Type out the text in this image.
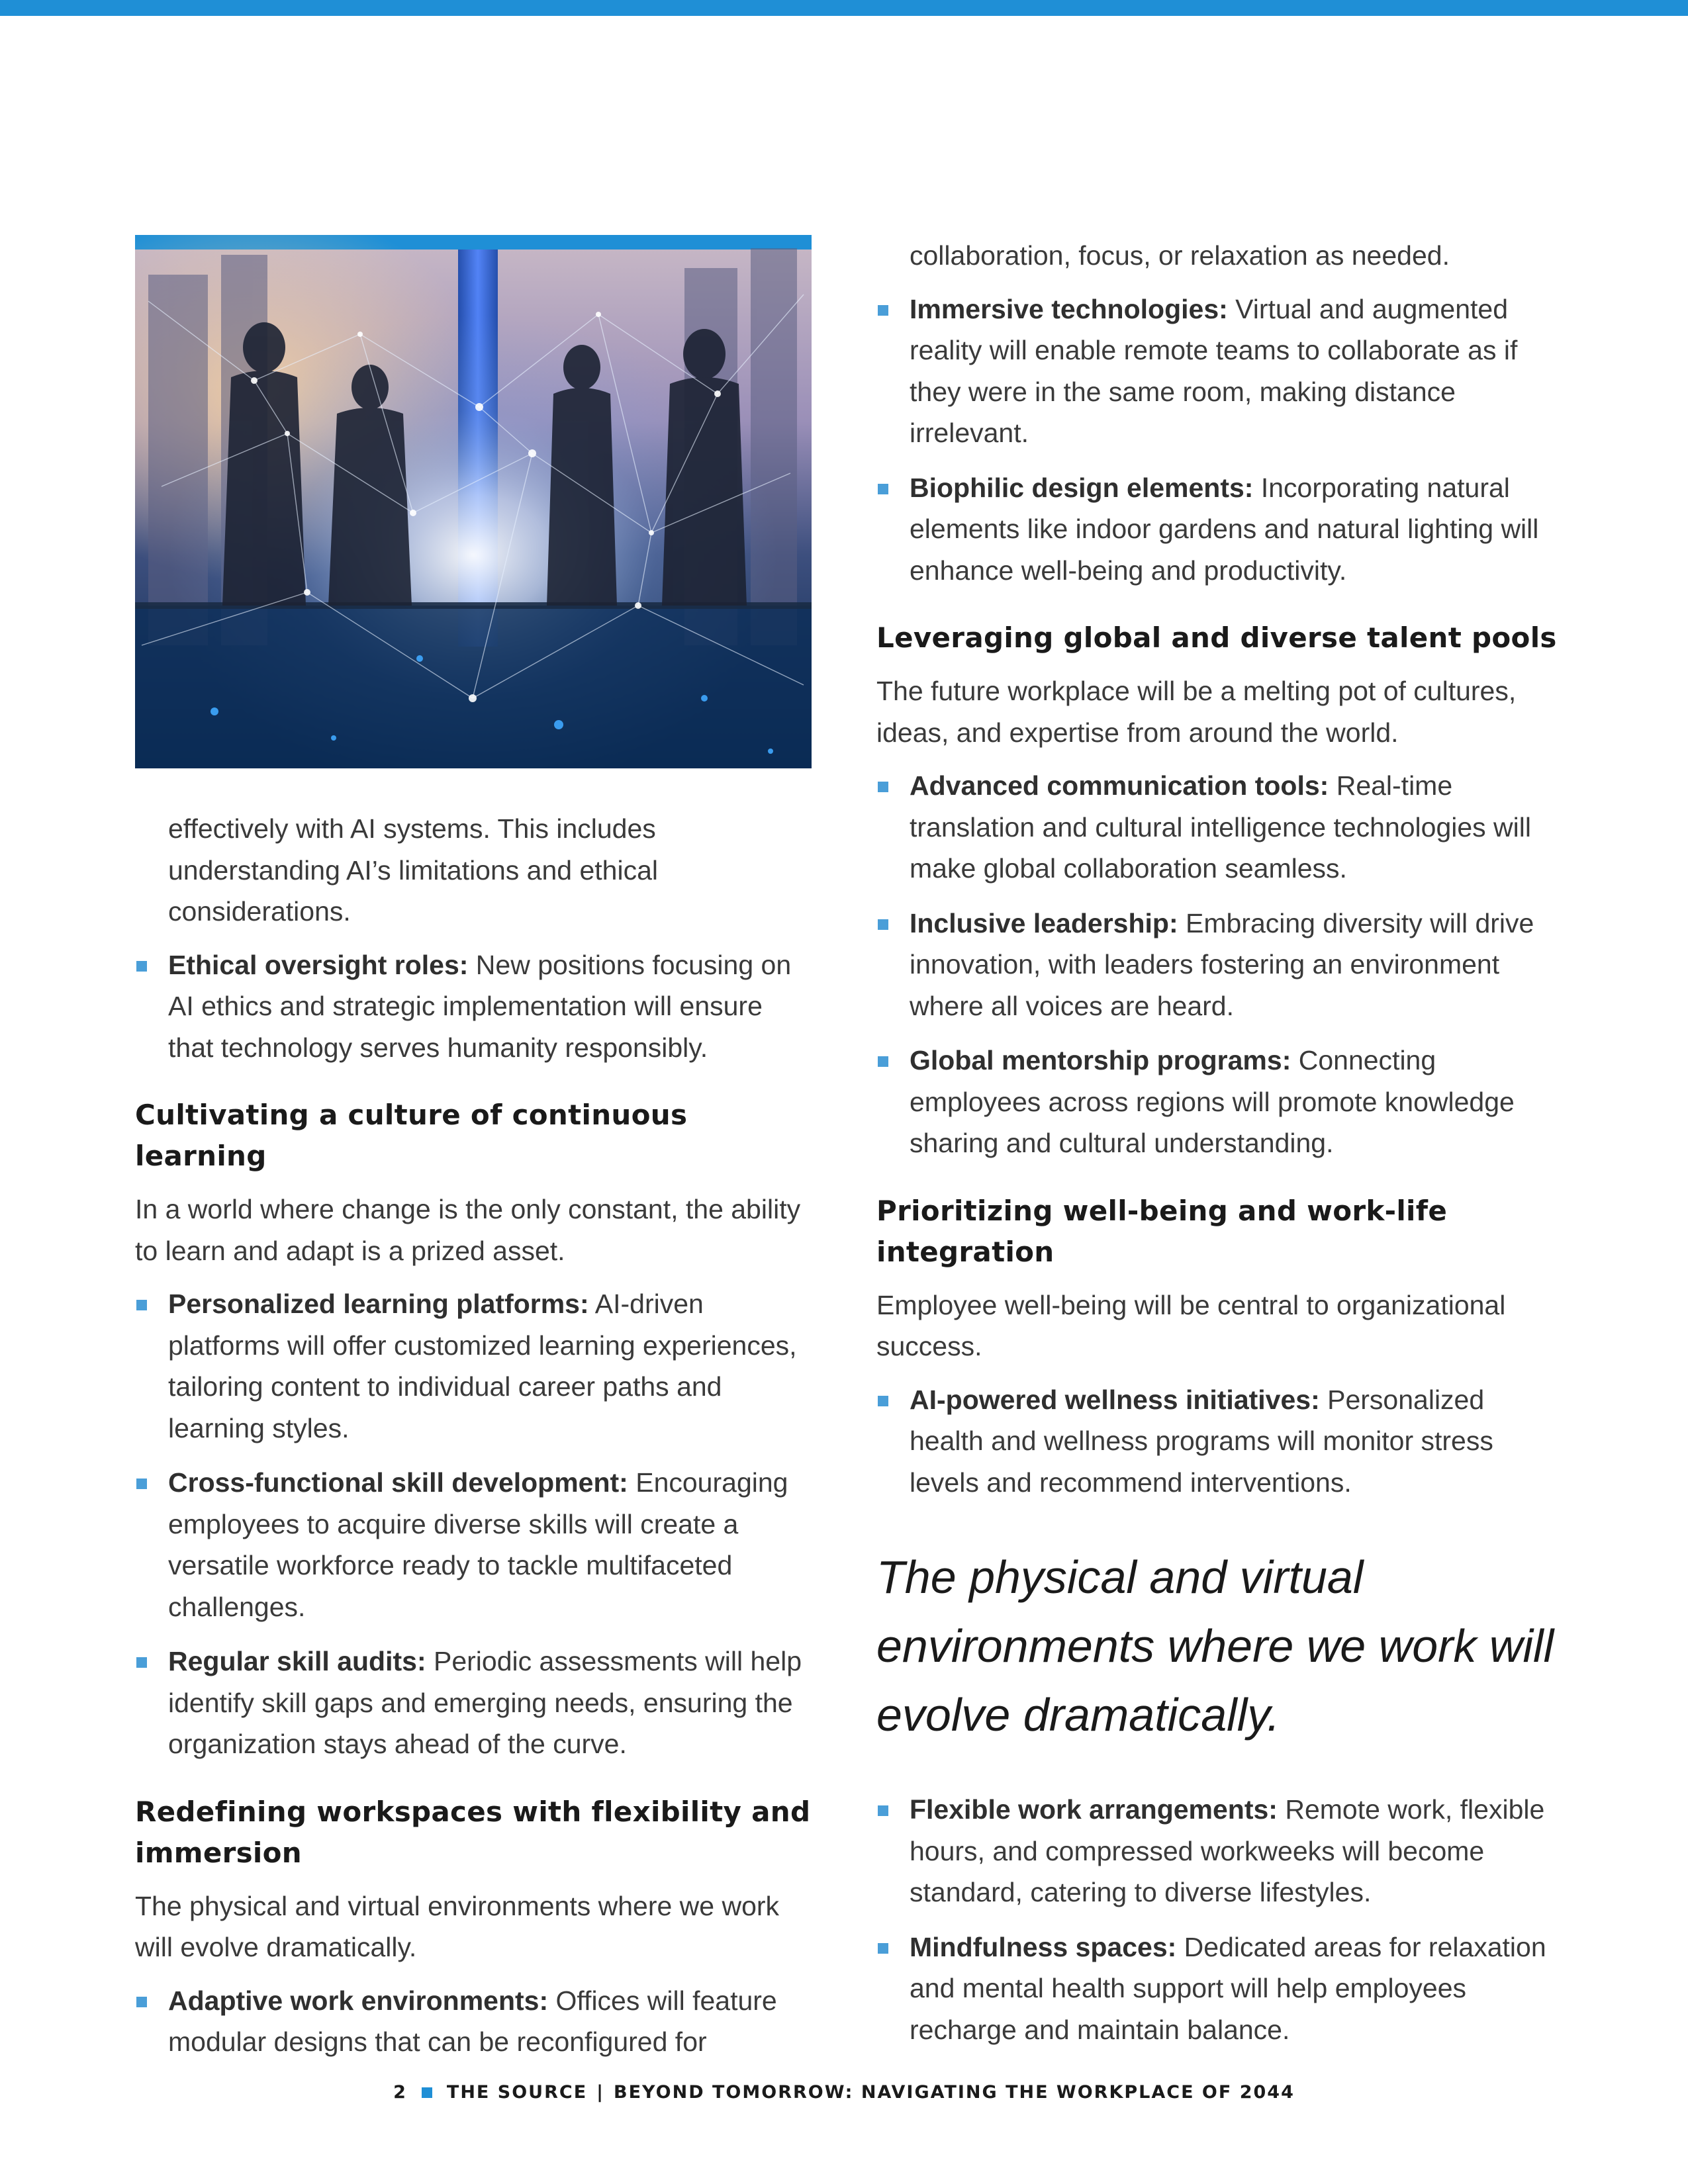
effectively with AI systems. This includes understanding AI’s limitations and ethical considerations.

Ethical oversight roles: New positions focusing on AI ethics and strategic implementation will ensure that technology serves humanity responsibly.
Cultivating a culture of continuous learning

In a world where change is the only constant, the ability to learn and adapt is a prized asset.

Personalized learning platforms: AI-driven platforms will offer customized learning experiences, tailoring content to individual career paths and learning styles.
Cross-functional skill development: Encouraging employees to acquire diverse skills will create a versatile workforce ready to tackle multifaceted challenges.
Regular skill audits: Periodic assessments will help identify skill gaps and emerging needs, ensuring the organization stays ahead of the curve.
Redefining workspaces with flexibility and immersion

The physical and virtual environments where we work will evolve dramatically.

Adaptive work environments: Offices will feature modular designs that can be reconfigured for

collaboration, focus, or relaxation as needed.

Immersive technologies: Virtual and augmented reality will enable remote teams to collaborate as if they were in the same room, making distance irrelevant.
Biophilic design elements: Incorporating natural elements like indoor gardens and natural lighting will enhance well-being and productivity.
Leveraging global and diverse talent pools

The future workplace will be a melting pot of cultures, ideas, and expertise from around the world.

Advanced communication tools: Real-time translation and cultural intelligence technologies will make global collaboration seamless.
Inclusive leadership: Embracing diversity will drive innovation, with leaders fostering an environment where all voices are heard.
Global mentorship programs: Connecting employees across regions will promote knowledge sharing and cultural understanding.
Prioritizing well-being and work-life integration

Employee well-being will be central to organizational success.

AI-powered wellness initiatives: Personalized health and wellness programs will monitor stress levels and recommend interventions.
The physical and virtual environments where we work will evolve dramatically.
Flexible work arrangements: Remote work, flexible hours, and compressed workweeks will become standard, catering to diverse lifestyles.
Mindfulness spaces: Dedicated areas for relaxation and mental health support will help employees recharge and maintain balance.
2 THE SOURCE | BEYOND TOMORROW: NAVIGATING THE WORKPLACE OF 2044
